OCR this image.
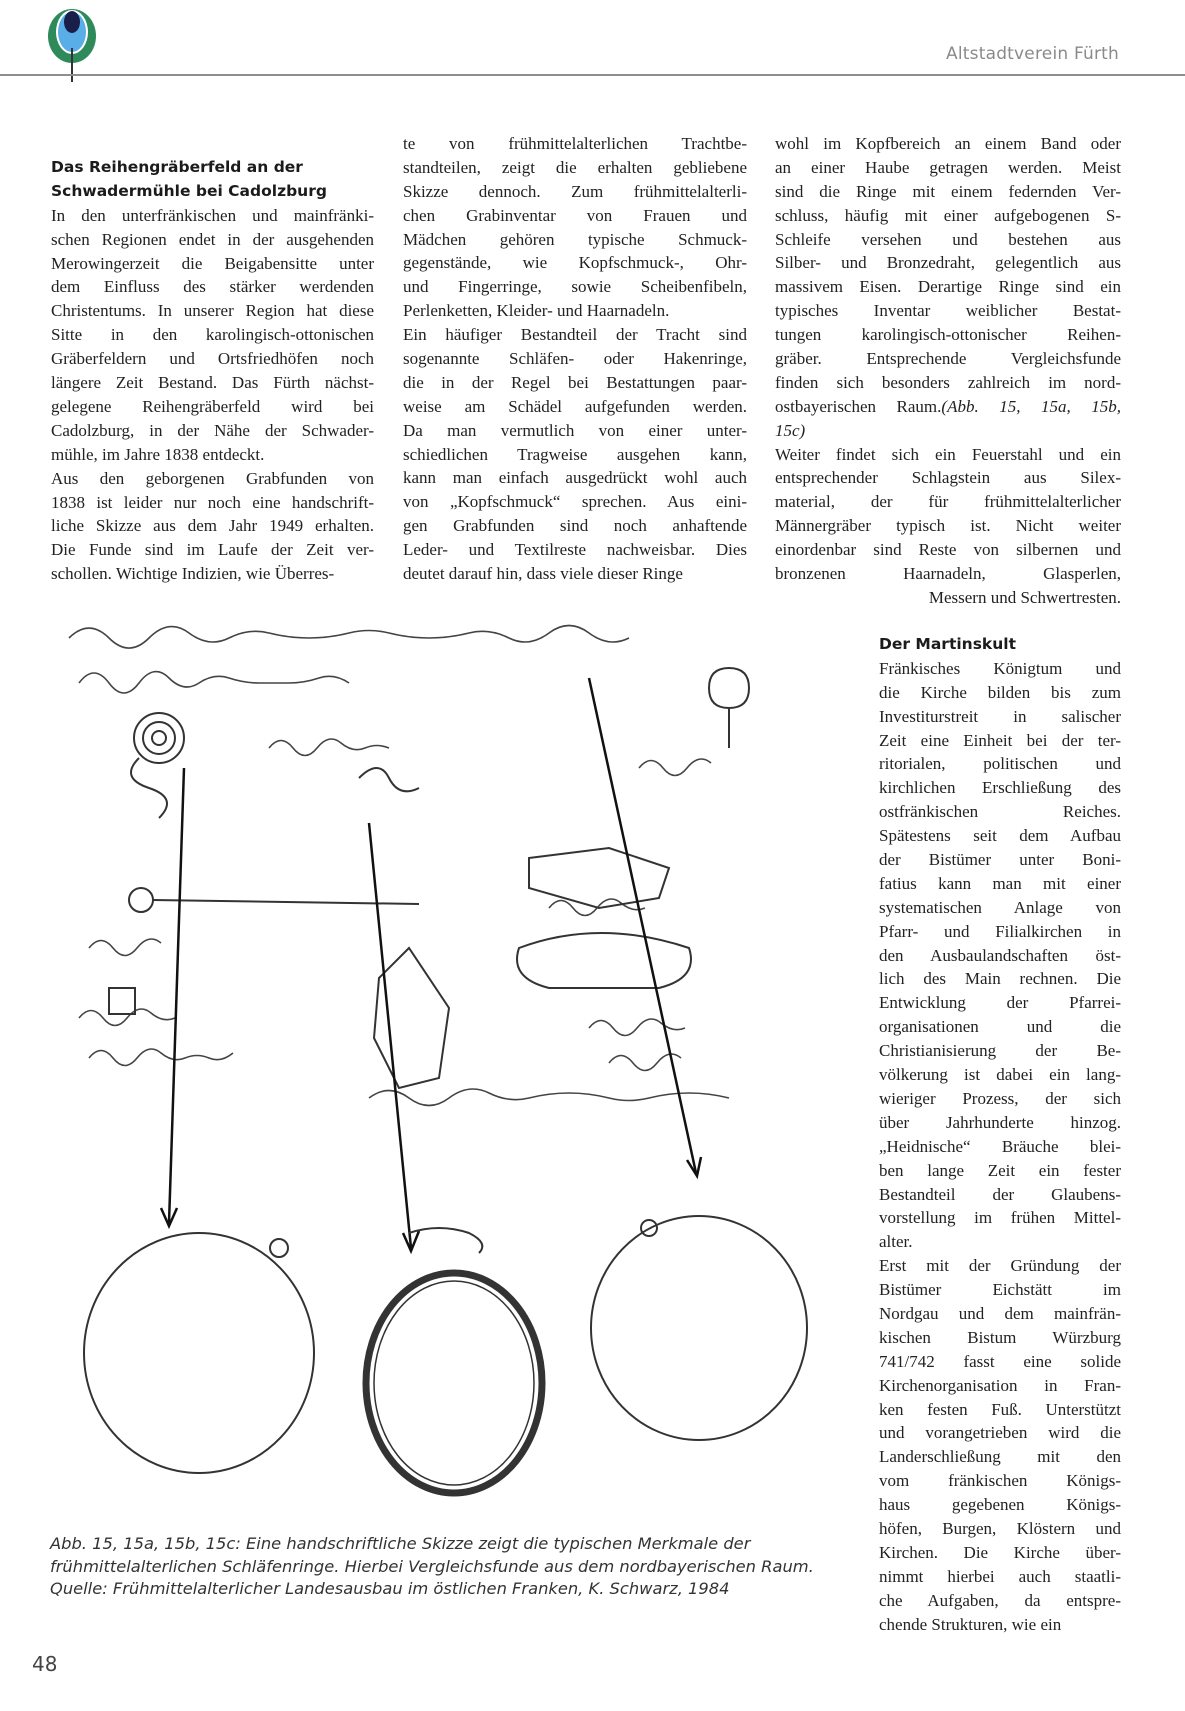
Altstadtverein Fürth
Das Reihengräberfeld an der
Schwadermühle bei Cadolzburg
In den unterfränkischen und mainfränki-
schen Regionen endet in der ausgehenden
Merowingerzeit die Beigabensitte unter
dem Einfluss des stärker werdenden
Christentums. In unserer Region hat diese
Sitte in den karolingisch-ottonischen
Gräberfeldern und Ortsfriedhöfen noch
längere Zeit Bestand. Das Fürth nächst-
gelegene Reihengräberfeld wird bei
Cadolzburg, in der Nähe der Schwader-
mühle, im Jahre 1838 entdeckt.
Aus den geborgenen Grabfunden von
1838 ist leider nur noch eine handschrift-
liche Skizze aus dem Jahr 1949 erhalten.
Die Funde sind im Laufe der Zeit ver-
schollen. Wichtige Indizien, wie Überres-
te von frühmittelalterlichen Trachtbe-
standteilen, zeigt die erhalten gebliebene
Skizze dennoch. Zum frühmittelalterli-
chen Grabinventar von Frauen und
Mädchen gehören typische Schmuck-
gegenstände, wie Kopfschmuck-, Ohr-
und Fingerringe, sowie Scheibenfibeln,
Perlenketten, Kleider- und Haarnadeln.
Ein häufiger Bestandteil der Tracht sind
sogenannte Schläfen- oder Hakenringe,
die in der Regel bei Bestattungen paar-
weise am Schädel aufgefunden werden.
Da man vermutlich von einer unter-
schiedlichen Tragweise ausgehen kann,
kann man einfach ausgedrückt wohl auch
von „Kopfschmuck“ sprechen. Aus eini-
gen Grabfunden sind noch anhaftende
Leder- und Textilreste nachweisbar. Dies
deutet darauf hin, dass viele dieser Ringe
wohl im Kopfbereich an einem Band oder
an einer Haube getragen werden. Meist
sind die Ringe mit einem federnden Ver-
schluss, häufig mit einer aufgebogenen S-
Schleife versehen und bestehen aus
Silber- und Bronzedraht, gelegentlich aus
massivem Eisen. Derartige Ringe sind ein
typisches Inventar weiblicher Bestat-
tungen karolingisch-ottonischer Reihen-
gräber. Entsprechende Vergleichsfunde
finden sich besonders zahlreich im nord-
ostbayerischen Raum.(Abb. 15, 15a, 15b,
15c)
Weiter findet sich ein Feuerstahl und ein
entsprechender Schlagstein aus Silex-
material, der für frühmittelalterlicher
Männergräber typisch ist. Nicht weiter
einordenbar sind Reste von silbernen und
bronzenen Haarnadeln, Glasperlen,
Messern und Schwertresten.
Der Martinskult
Fränkisches Königtum und
die Kirche bilden bis zum
Investiturstreit in salischer
Zeit eine Einheit bei der ter-
ritorialen, politischen und
kirchlichen Erschließung des
ostfränkischen Reiches.
Spätestens seit dem Aufbau
der Bistümer unter Boni-
fatius kann man mit einer
systematischen Anlage von
Pfarr- und Filialkirchen in
den Ausbaulandschaften öst-
lich des Main rechnen. Die
Entwicklung der Pfarrei-
organisationen und die
Christianisierung der Be-
völkerung ist dabei ein lang-
wieriger Prozess, der sich
über Jahrhunderte hinzog.
„Heidnische“ Bräuche blei-
ben lange Zeit ein fester
Bestandteil der Glaubens-
vorstellung im frühen Mittel-
alter.
Erst mit der Gründung der
Bistümer Eichstätt im
Nordgau und dem mainfrän-
kischen Bistum Würzburg
741/742 fasst eine solide
Kirchenorganisation in Fran-
ken festen Fuß. Unterstützt
und vorangetrieben wird die
Landerschließung mit den
vom fränkischen Königs-
haus gegebenen Königs-
höfen, Burgen, Klöstern und
Kirchen. Die Kirche über-
nimmt hierbei auch staatli-
che Aufgaben, da entspre-
chende Strukturen, wie ein
Abb. 15, 15a, 15b, 15c: Eine handschriftliche Skizze zeigt die typischen Merkmale der frühmittelalterlichen Schläfenringe. Hierbei Vergleichsfunde aus dem nordbayerischen Raum. Quelle: Frühmittelalterlicher Landesausbau im östlichen Franken, K. Schwarz, 1984
48
